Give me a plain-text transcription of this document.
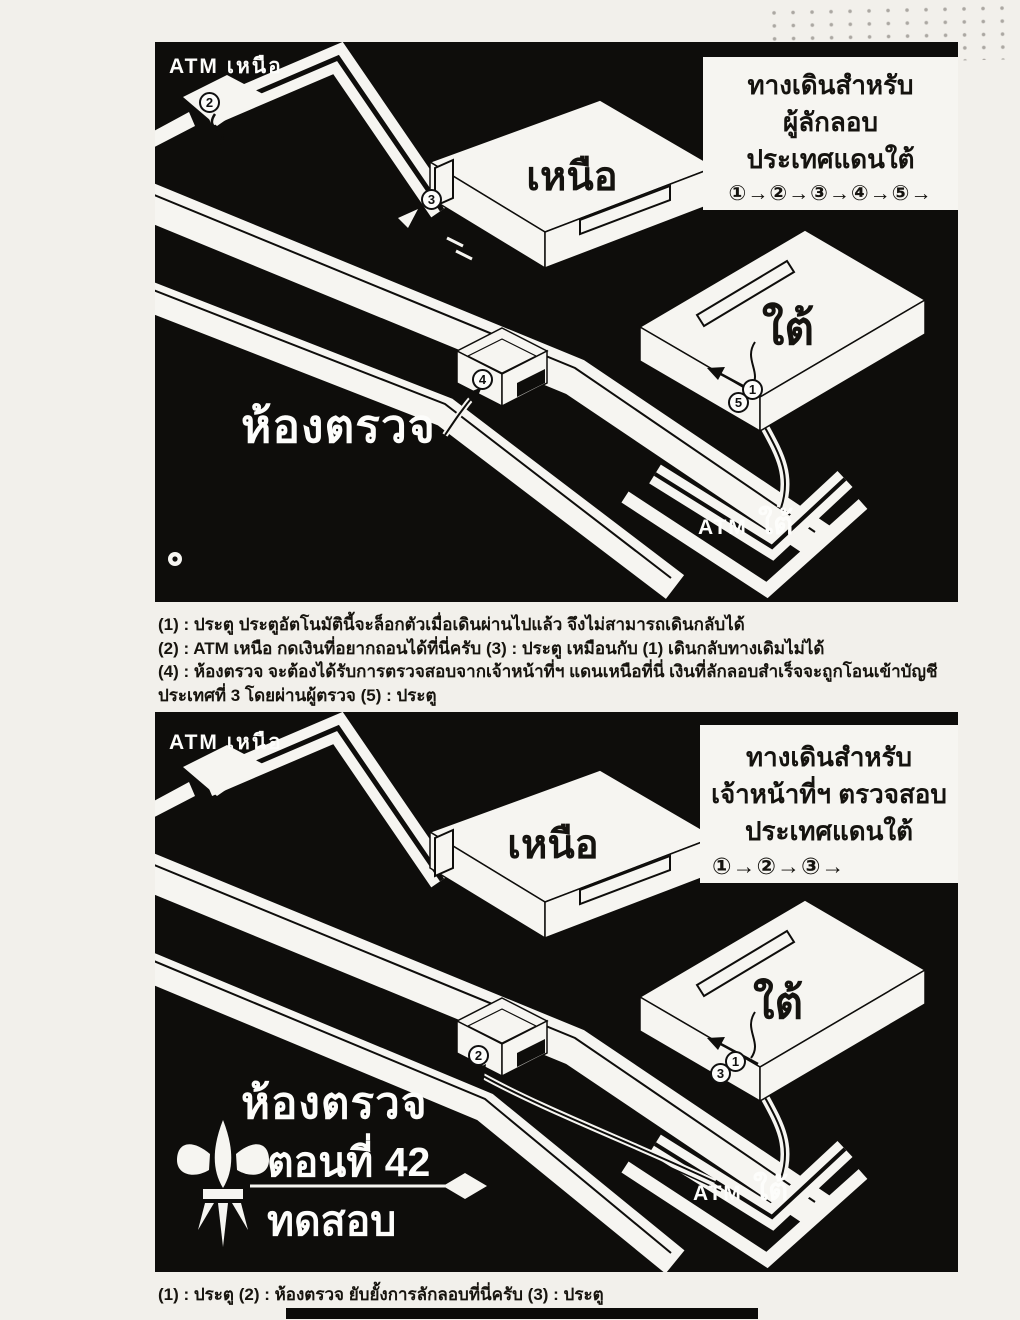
ATM เหนือ
ทางเดินสำหรับ
ผู้ลักลอบ
ประเทศแดนใต้
①→②→③→④→⑤→
เหนือ
ใต้
ห้องตรวจ
ATM ใต้
2
3
4
1
5
(1) : ประตู ประตูอัตโนมัตินี้จะล็อกตัวเมื่อเดินผ่านไปแล้ว จึงไม่สามารถเดินกลับได้
(2) : ATM เหนือ กดเงินที่อยากถอนได้ที่นี่ครับ (3) : ประตู เหมือนกับ (1) เดินกลับทางเดิมไม่ได้
(4) : ห้องตรวจ จะต้องได้รับการตรวจสอบจากเจ้าหน้าที่ฯ แดนเหนือที่นี่ เงินที่ลักลอบสำเร็จจะถูกโอนเข้าบัญชี
ประเทศที่ 3 โดยผ่านผู้ตรวจ (5) : ประตู
ATM เหนือ	ทางเดินสำหรับ
เจ้าหน้าที่ฯ ตรวจสอบ
ประเทศแดนใต้
①→②→③→
เหนือ
ใต้
ห้องตรวจ
ตอนที่ 42
ทดสอบ
ATM ใต้
2	1
3
(1) : ประตู (2) : ห้องตรวจ ยับยั้งการลักลอบที่นี่ครับ (3) : ประตู
